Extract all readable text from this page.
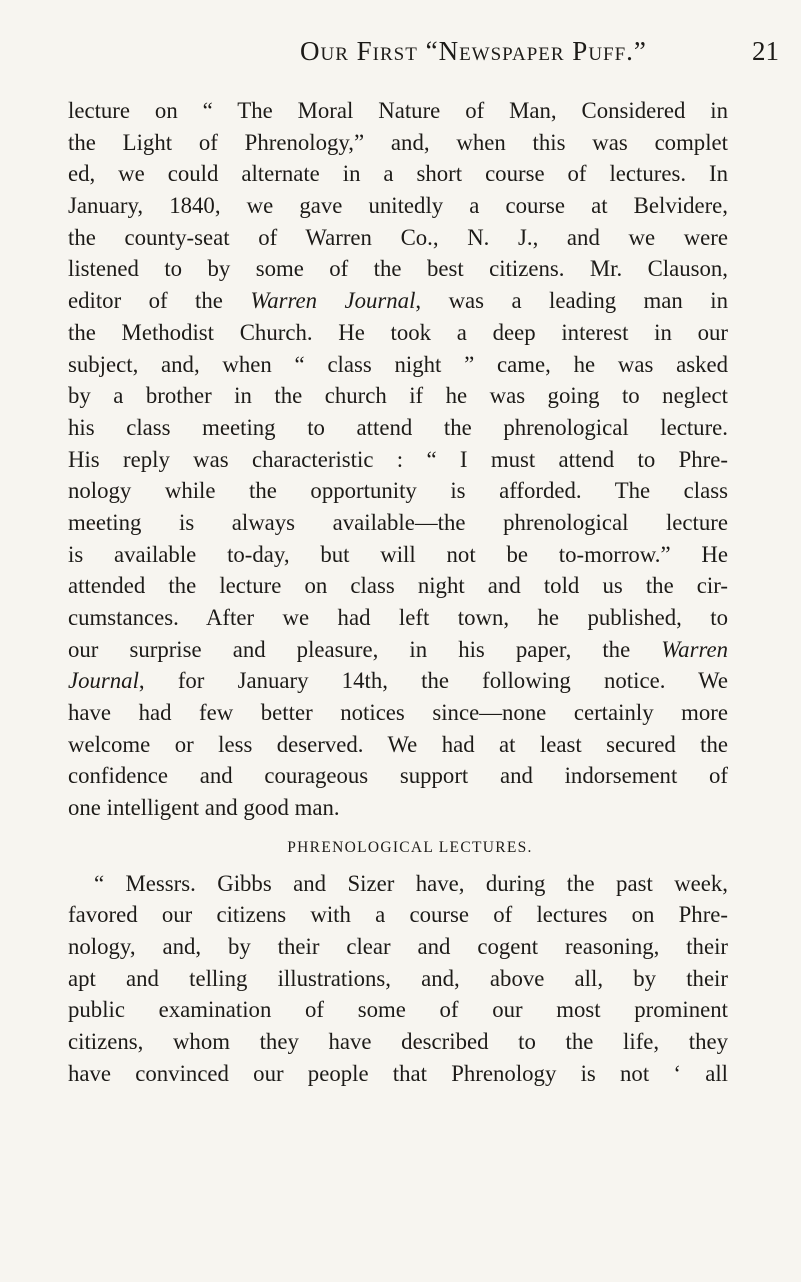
Our First “Newspaper Puff.”	21
lecture on “ The Moral Nature of Man, Considered in
the Light of Phrenology,” and, when this was complet
ed, we could alternate in a short course of lectures. In
January, 1840, we gave unitedly a course at Belvidere,
the county-seat of Warren Co., N. J., and we were
listened to by some of the best citizens. Mr. Clauson,
editor of the Warren Journal, was a leading man in
the Methodist Church. He took a deep interest in our
subject, and, when “ class night ” came, he was asked
by a brother in the church if he was going to neglect
his class meeting to attend the phrenological lecture.
His reply was characteristic : “ I must attend to Phre-
nology while the opportunity is afforded. The class
meeting is always available—the phrenological lecture
is available to-day, but will not be to-morrow.” He
attended the lecture on class night and told us the cir-
cumstances. After we had left town, he published, to
our surprise and pleasure, in his paper, the Warren
Journal, for January 14th, the following notice. We
have had few better notices since—none certainly more
welcome or less deserved. We had at least secured the
confidence and courageous support and indorsement of
one intelligent and good man.
PHRENOLOGICAL LECTURES.
“ Messrs. Gibbs and Sizer have, during the past week,
favored our citizens with a course of lectures on Phre-
nology, and, by their clear and cogent reasoning, their
apt and telling illustrations, and, above all, by their
public examination of some of our most prominent
citizens, whom they have described to the life, they
have convinced our people that Phrenology is not ‘ all
